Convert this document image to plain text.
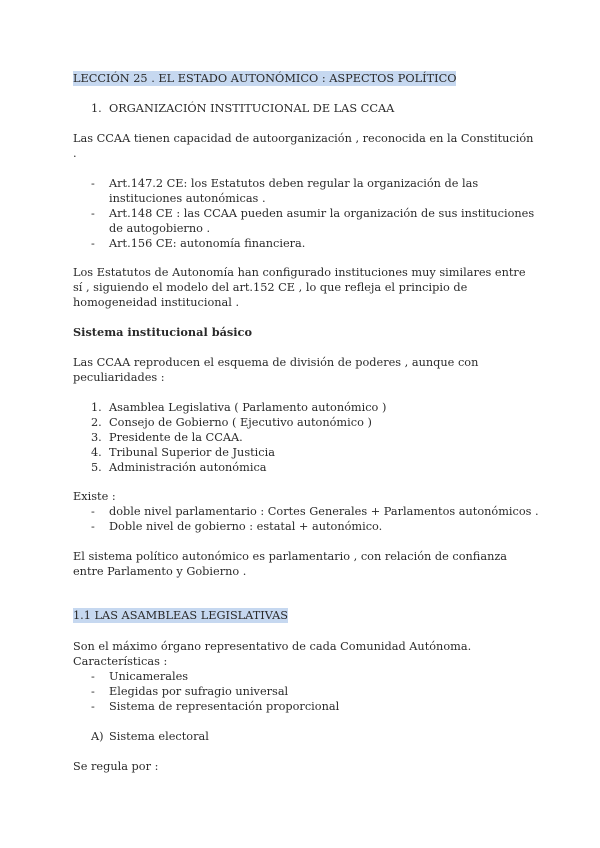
LECCIÓN 25 . EL ESTADO AUTONÓMICO : ASPECTOS POLÍTICO
1. ORGANIZACIÓN INSTITUCIONAL DE LAS CCAA
Las CCAA tienen capacidad de autoorganización , reconocida en la Constitución
.
- Art.147.2 CE: los Estatutos deben regular la organización de las
instituciones autonómicas .
- Art.148 CE : las CCAA pueden asumir la organización de sus instituciones
de autogobierno .
- Art.156 CE: autonomía financiera.
Los Estatutos de Autonomía han configurado instituciones muy similares entre
sí , siguiendo el modelo del art.152 CE , lo que refleja el principio de
homogeneidad institucional .
Sistema institucional básico
Las CCAA reproducen el esquema de división de poderes , aunque con
peculiaridades :
1. Asamblea Legislativa ( Parlamento autonómico )
2. Consejo de Gobierno ( Ejecutivo autonómico )
3. Presidente de la CCAA.
4. Tribunal Superior de Justicia
5. Administración autonómica
Existe :
- doble nivel parlamentario : Cortes Generales + Parlamentos autonómicos .
- Doble nivel de gobierno : estatal + autonómico.
El sistema político autonómico es parlamentario , con relación de confianza
entre Parlamento y Gobierno .
1.1 LAS ASAMBLEAS LEGISLATIVAS
Son el máximo órgano representativo de cada Comunidad Autónoma.
Características :
- Unicamerales
- Elegidas por sufragio universal
- Sistema de representación proporcional
A) Sistema electoral
Se regula por :
